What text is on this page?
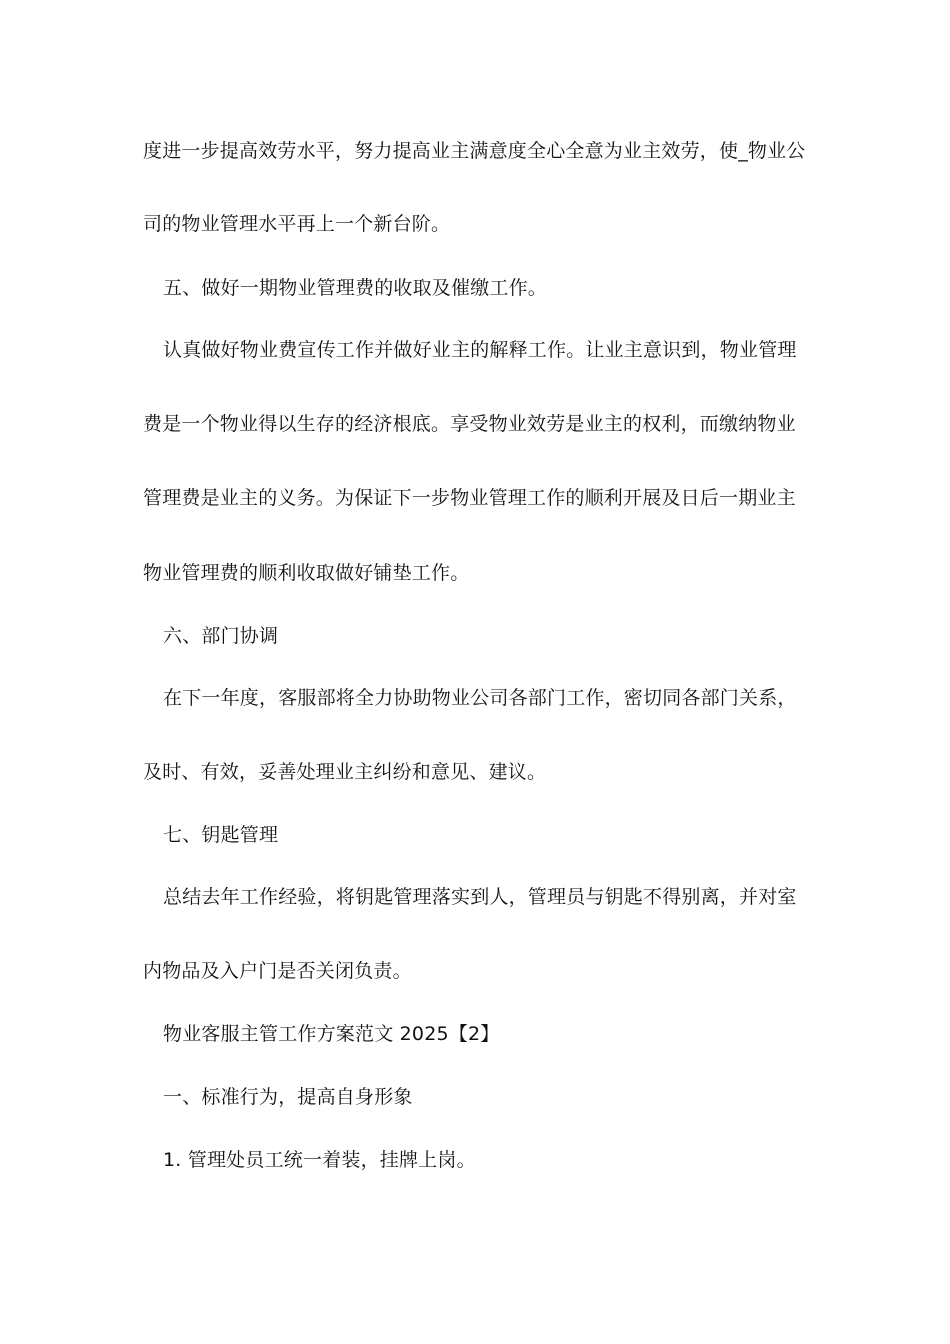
度进一步提高效劳水平，努力提高业主满意度全心全意为业主效劳，使_物业公
司的物业管理水平再上一个新台阶。
五、做好一期物业管理费的收取及催缴工作。
认真做好物业费宣传工作并做好业主的解释工作。让业主意识到，物业管理
费是一个物业得以生存的经济根底。享受物业效劳是业主的权利，而缴纳物业
管理费是业主的义务。为保证下一步物业管理工作的顺利开展及日后一期业主
物业管理费的顺利收取做好铺垫工作。
六、部门协调
在下一年度，客服部将全力协助物业公司各部门工作，密切同各部门关系，
及时、有效，妥善处理业主纠纷和意见、建议。
七、钥匙管理
总结去年工作经验，将钥匙管理落实到人，管理员与钥匙不得别离，并对室
内物品及入户门是否关闭负责。
物业客服主管工作方案范文 2025【2】
一、标准行为，提高自身形象
1. 管理处员工统一着装，挂牌上岗。
